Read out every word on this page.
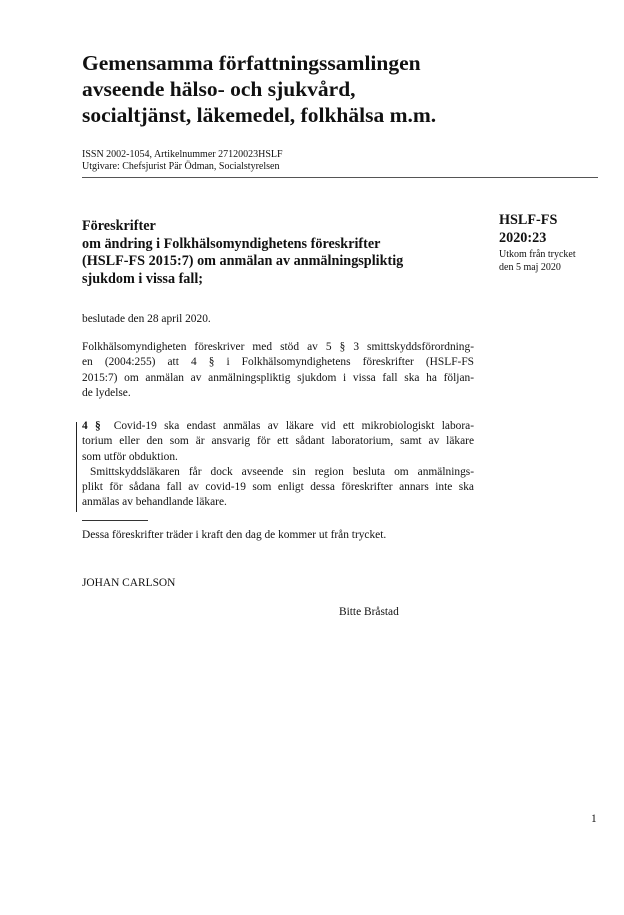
Gemensamma författningssamlingen
avseende hälso- och sjukvård,
socialtjänst, läkemedel, folkhälsa m.m.
ISSN 2002-1054, Artikelnummer 27120023HSLF
Utgivare: Chefsjurist Pär Ödman, Socialstyrelsen
HSLF-FS
2020:23
Utkom från trycket
den 5 maj 2020
Föreskrifter
om ändring i Folkhälsomyndighetens föreskrifter
(HSLF-FS 2015:7) om anmälan av anmälningspliktig
sjukdom i vissa fall;
beslutade den 28 april 2020.
Folkhälsomyndigheten föreskriver med stöd av 5 § 3 smittskyddsförordning-
en (2004:255) att 4 § i Folkhälsomyndighetens föreskrifter (HSLF-FS
2015:7) om anmälan av anmälningspliktig sjukdom i vissa fall ska ha följan-
de lydelse.
4 § Covid-19 ska endast anmälas av läkare vid ett mikrobiologiskt labora-
torium eller den som är ansvarig för ett sådant laboratorium, samt av läkare
som utför obduktion.
Smittskyddsläkaren får dock avseende sin region besluta om anmälnings-
plikt för sådana fall av covid-19 som enligt dessa föreskrifter annars inte ska
anmälas av behandlande läkare.
Dessa föreskrifter träder i kraft den dag de kommer ut från trycket.
JOHAN CARLSON
Bitte Bråstad
1
